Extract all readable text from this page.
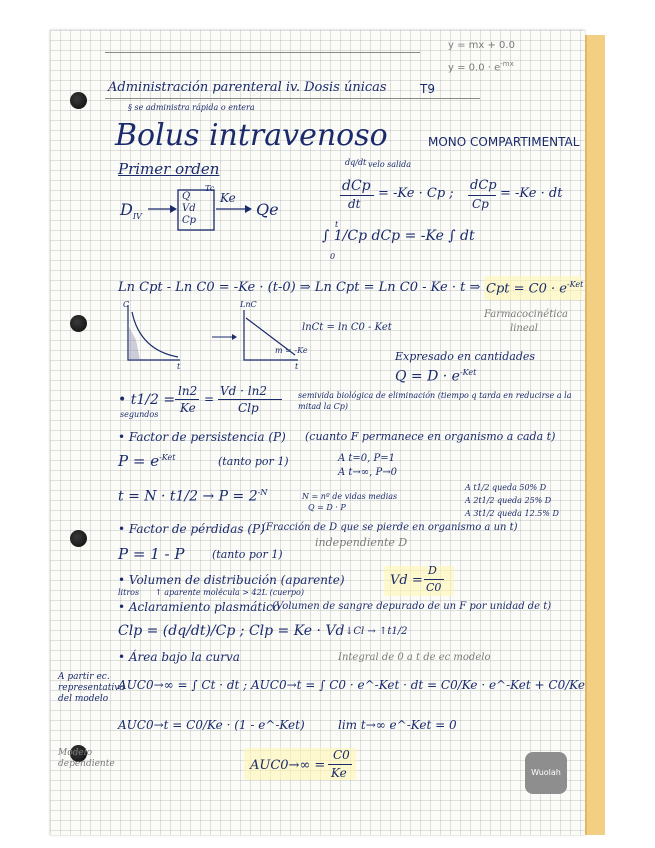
y = mx + 0.0
$y = 0.0 \cdot e^{-mx}$
Administración parenteral iv. Dosis únicas	T9
§ se administra rápida o entera
Bolus intravenoso	MONO COMPARTIMENTAL
Primer orden	dq/dt velo salida
$D_{IV}$
Q
Vd
Cp
Tc
Ke
Qe
dCp
dt
= -Ke · Cp ;
dCp
Cp
= -Ke · dt
∫ 1/Cp dCp = -Ke ∫ dt
t
0
Ln Cpt - Ln C0 = -Ke · (t-0) ⇒ Ln Cpt = Ln C0 - Ke · t ⇒ Cpt = $C0 \cdot e^{-Ket}$
C
t
LnC
t
lnCt = ln C0 - Ket
m = -Ke
Farmacocinética lineal
Expresado en cantidades
$Q = D \cdot e^{-Ket}$
• t1/2 =
ln2
Ke
=
Vd · ln2
Clp
segundos
semivida biológica de eliminación (tiempo q tarda en reducirse a la mitad la Cp)
• Factor de persistencia (P) (cuanto F permanece en organismo a cada t)
$P = e^{-Ket}$	(tanto por 1)	A t=0, P=1
A t→∞, P→0
$t = N \cdot t1/2 \to P = 2^{-N}$	N = nº de vidas medias
Q = D · P
A t1/2 queda 50% D
A 2t1/2 queda 25% D
A 3t1/2 queda 12.5% D
• Factor de pérdidas (P)
(Fracción de D que se pierde en organismo a un t)
independiente D
P = 1 - P	(tanto por 1)
• Volumen de distribución (aparente)
litros ↑ aparente molécula > 42L (cuerpo)
Vd =
D
C0
• Aclaramiento plasmático
(Volumen de sangre depurado de un F por unidad de t)
Clp = (dq/dt)/Cp ; Clp = Ke · Vd ↓Cl → ↑t1/2
• Área bajo la curva	Integral de 0 a t de ec modelo
A partir ec. representativa del modelo
Modelo dependiente
AUC0→∞ = ∫ Ct · dt ; AUC0→t = ∫ C0 · e^-Ket · dt = C0/Ke · e^-Ket + C0/Ke
AUC0→t = C0/Ke · (1 - e^-Ket)	lim t→∞ e^-Ket = 0
AUC0→∞ =
C0
Ke	Wuolah
